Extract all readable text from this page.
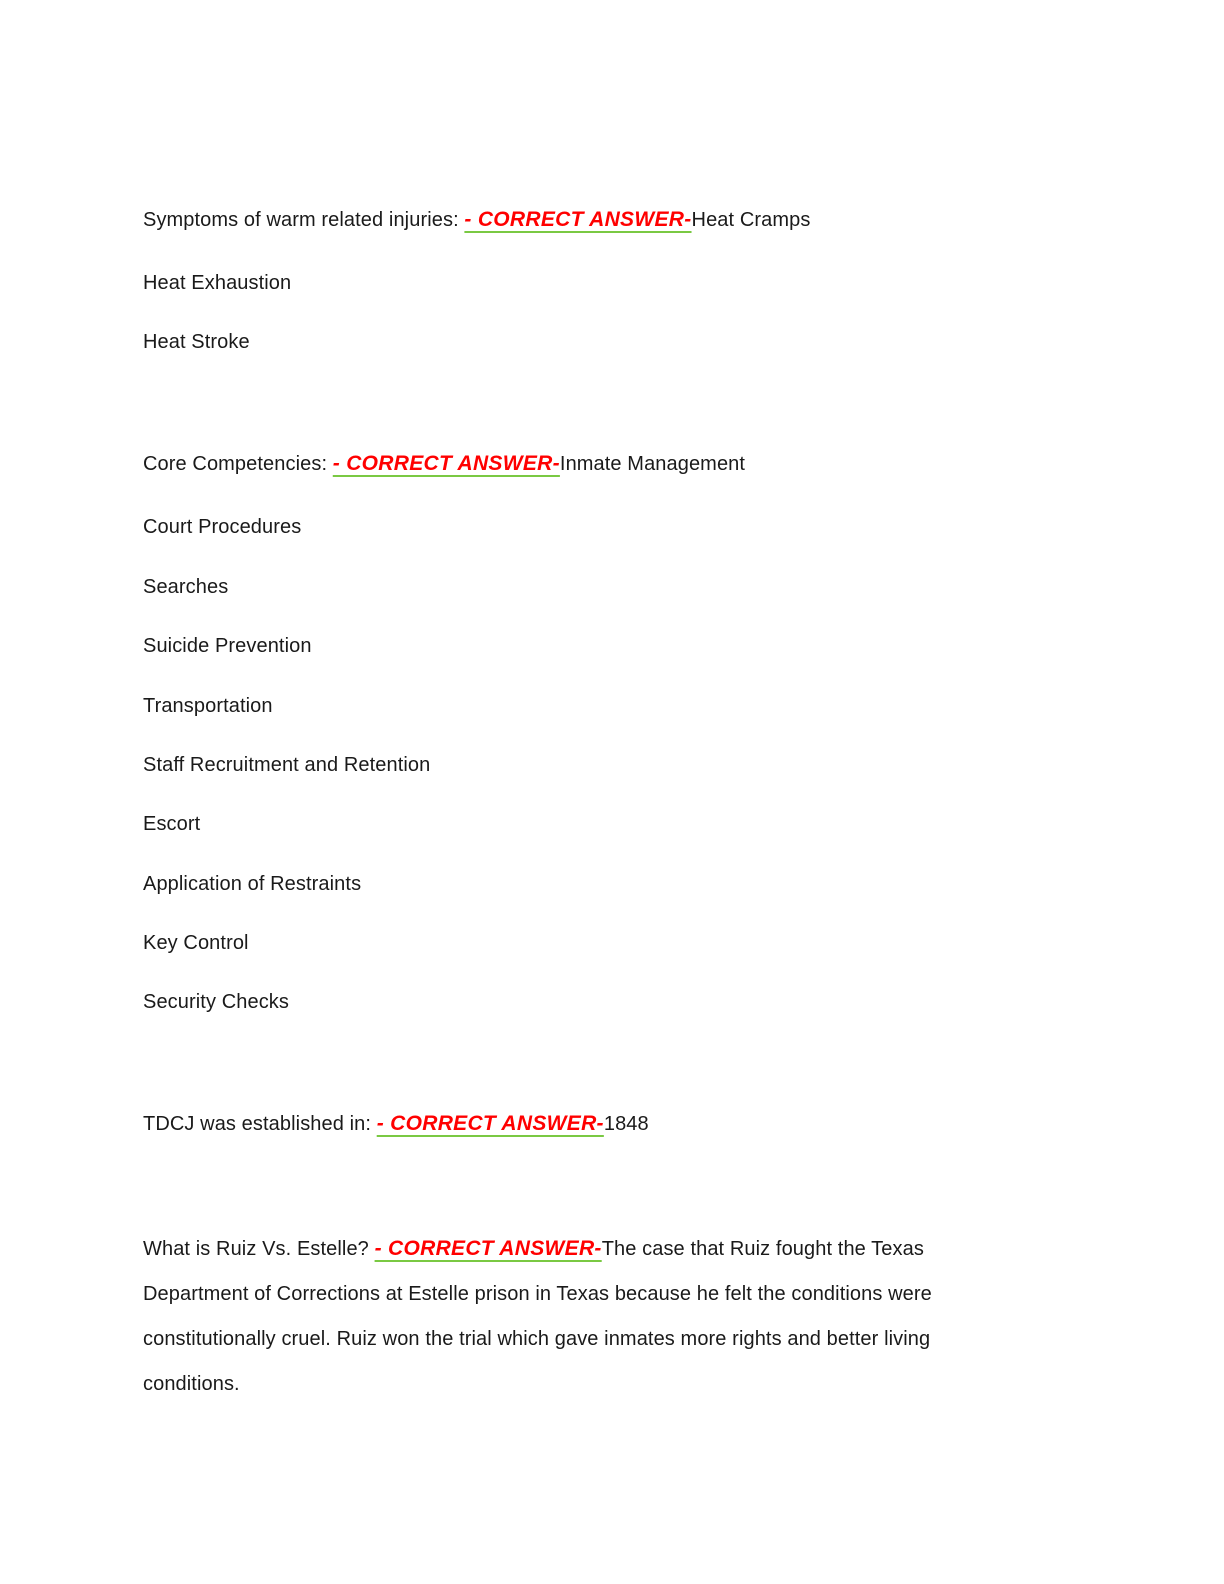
Symptoms of warm related injuries: - CORRECT ANSWER-Heat Cramps
Heat Exhaustion
Heat Stroke
Core Competencies: - CORRECT ANSWER-Inmate Management
Court Procedures
Searches
Suicide Prevention
Transportation
Staff Recruitment and Retention
Escort
Application of Restraints
Key Control
Security Checks
TDCJ was established in: - CORRECT ANSWER-1848
What is Ruiz Vs. Estelle? - CORRECT ANSWER-The case that Ruiz fought the Texas Department of Corrections at Estelle prison in Texas because he felt the conditions were constitutionally cruel. Ruiz won the trial which gave inmates more rights and better living conditions.
